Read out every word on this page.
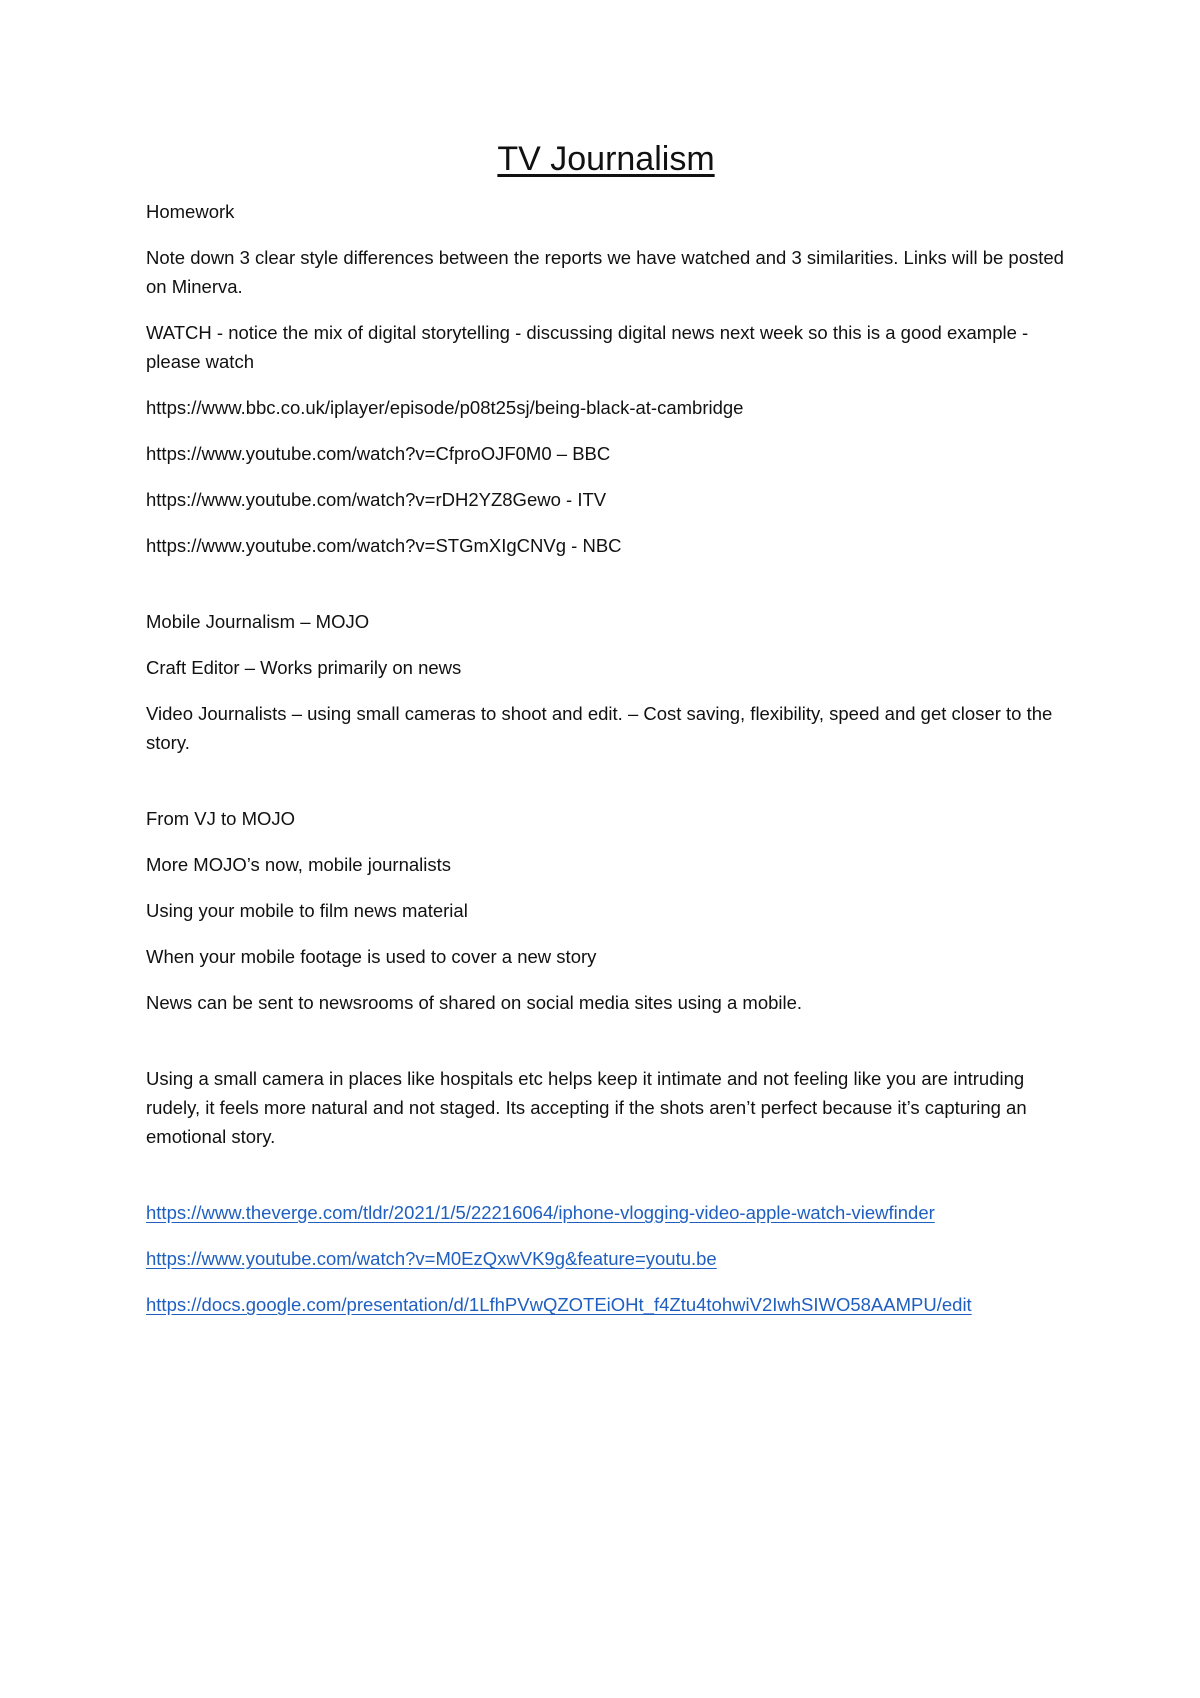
TV Journalism

Homework

Note down 3 clear style differences between the reports we have watched and 3 similarities. Links will be posted on Minerva.

WATCH - notice the mix of digital storytelling - discussing digital news next week so this is a good example - please watch

https://www.bbc.co.uk/iplayer/episode/p08t25sj/being-black-at-cambridge

https://www.youtube.com/watch?v=CfproOJF0M0 – BBC

https://www.youtube.com/watch?v=rDH2YZ8Gewo - ITV

https://www.youtube.com/watch?v=STGmXIgCNVg - NBC

Mobile Journalism – MOJO

Craft Editor – Works primarily on news

Video Journalists – using small cameras to shoot and edit. – Cost saving, flexibility, speed and get closer to the story.

From VJ to MOJO

More MOJO’s now, mobile journalists

Using your mobile to film news material

When your mobile footage is used to cover a new story

News can be sent to newsrooms of shared on social media sites using a mobile.

Using a small camera in places like hospitals etc helps keep it intimate and not feeling like you are intruding rudely, it feels more natural and not staged. Its accepting if the shots aren’t perfect because it’s capturing an emotional story.

https://www.theverge.com/tldr/2021/1/5/22216064/iphone-vlogging-video-apple-watch-viewfinder

https://www.youtube.com/watch?v=M0EzQxwVK9g&feature=youtu.be

https://docs.google.com/presentation/d/1LfhPVwQZOTEiOHt_f4Ztu4tohwiV2IwhSIWO58AAMPU/edit
